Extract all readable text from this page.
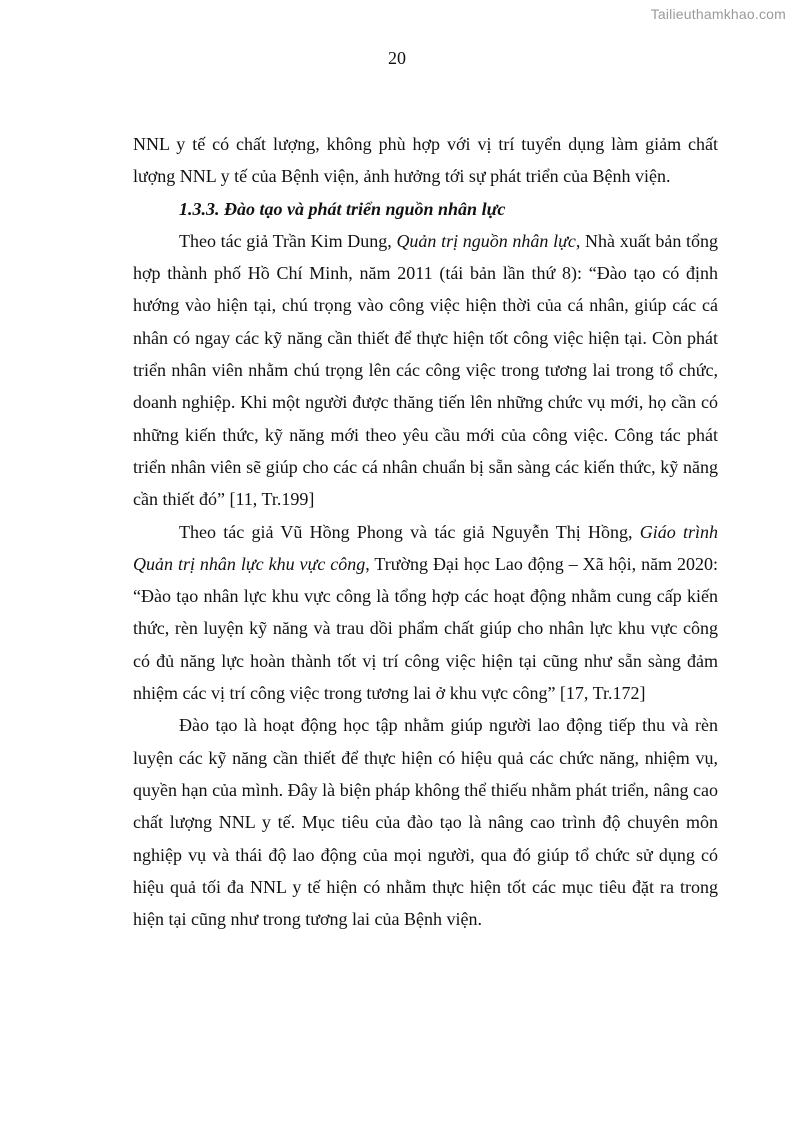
Tailieuthamkhao.com
20

NNL y tế có chất lượng, không phù hợp với vị trí tuyển dụng làm giảm chất lượng NNL y tế của Bệnh viện, ảnh hưởng tới sự phát triển của Bệnh viện.

1.3.3. Đào tạo và phát triển nguồn nhân lực

Theo tác giả Trần Kim Dung, Quản trị nguồn nhân lực, Nhà xuất bản tổng hợp thành phố Hồ Chí Minh, năm 2011 (tái bản lần thứ 8): “Đào tạo có định hướng vào hiện tại, chú trọng vào công việc hiện thời của cá nhân, giúp các cá nhân có ngay các kỹ năng cần thiết để thực hiện tốt công việc hiện tại. Còn phát triển nhân viên nhằm chú trọng lên các công việc trong tương lai trong tổ chức, doanh nghiệp. Khi một người được thăng tiến lên những chức vụ mới, họ cần có những kiến thức, kỹ năng mới theo yêu cầu mới của công việc. Công tác phát triển nhân viên sẽ giúp cho các cá nhân chuẩn bị sẵn sàng các kiến thức, kỹ năng cần thiết đó” [11, Tr.199]

Theo tác giả Vũ Hồng Phong và tác giả Nguyễn Thị Hồng, Giáo trình Quản trị nhân lực khu vực công, Trường Đại học Lao động – Xã hội, năm 2020: “Đào tạo nhân lực khu vực công là tổng hợp các hoạt động nhằm cung cấp kiến thức, rèn luyện kỹ năng và trau dồi phẩm chất giúp cho nhân lực khu vực công có đủ năng lực hoàn thành tốt vị trí công việc hiện tại cũng như sẵn sàng đảm nhiệm các vị trí công việc trong tương lai ở khu vực công” [17, Tr.172]

Đào tạo là hoạt động học tập nhằm giúp người lao động tiếp thu và rèn luyện các kỹ năng cần thiết để thực hiện có hiệu quả các chức năng, nhiệm vụ, quyền hạn của mình. Đây là biện pháp không thể thiếu nhằm phát triển, nâng cao chất lượng NNL y tế. Mục tiêu của đào tạo là nâng cao trình độ chuyên môn nghiệp vụ và thái độ lao động của mọi người, qua đó giúp tổ chức sử dụng có hiệu quả tối đa NNL y tế hiện có nhằm thực hiện tốt các mục tiêu đặt ra trong hiện tại cũng như trong tương lai của Bệnh viện.
